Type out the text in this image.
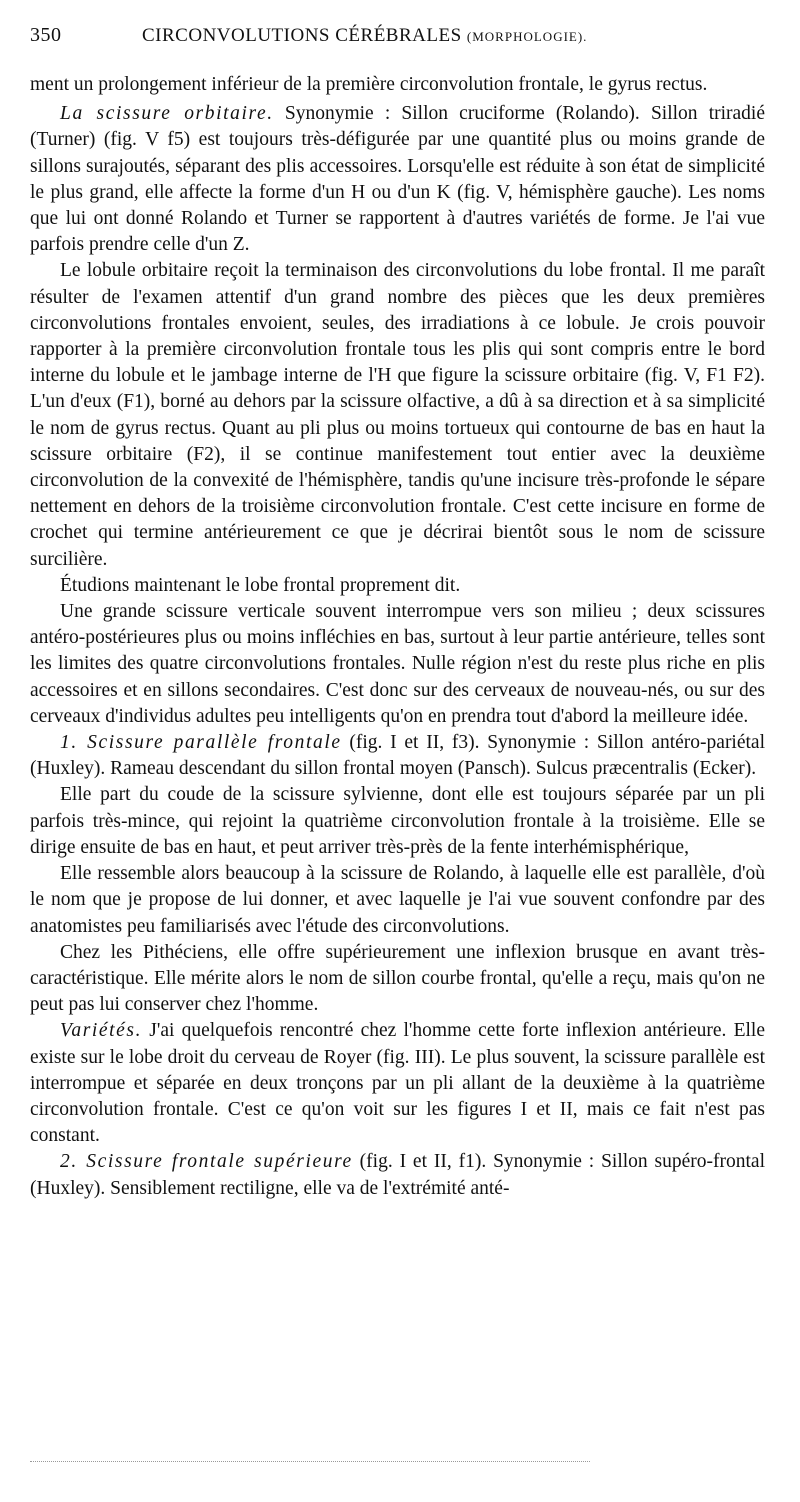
350	CIRCONVOLUTIONS CÉRÉBRALES (MORPHOLOGIE).

ment un prolongement inférieur de la première circonvolution frontale, le gyrus rectus.

La scissure orbitaire. Synonymie : Sillon cruciforme (Rolando). Sillon triradié (Turner) (fig. V f5) est toujours très-défigurée par une quantité plus ou moins grande de sillons surajoutés, séparant des plis accessoires. Lorsqu'elle est réduite à son état de simplicité le plus grand, elle affecte la forme d'un H ou d'un K (fig. V, hémisphère gauche). Les noms que lui ont donné Rolando et Turner se rapportent à d'autres variétés de forme. Je l'ai vue parfois prendre celle d'un Z.

Le lobule orbitaire reçoit la terminaison des circonvolutions du lobe frontal. Il me paraît résulter de l'examen attentif d'un grand nombre des pièces que les deux premières circonvolutions frontales envoient, seules, des irradiations à ce lobule. Je crois pouvoir rapporter à la première circonvolution frontale tous les plis qui sont compris entre le bord interne du lobule et le jambage interne de l'H que figure la scissure orbitaire (fig. V, F1 F2). L'un d'eux (F1), borné au dehors par la scissure olfactive, a dû à sa direction et à sa simplicité le nom de gyrus rectus. Quant au pli plus ou moins tortueux qui contourne de bas en haut la scissure orbitaire (F2), il se continue manifestement tout entier avec la deuxième circonvolution de la convexité de l'hémisphère, tandis qu'une incisure très-profonde le sépare nettement en dehors de la troisième circonvolution frontale. C'est cette incisure en forme de crochet qui termine antérieurement ce que je décrirai bientôt sous le nom de scissure surcilière.

Étudions maintenant le lobe frontal proprement dit.

Une grande scissure verticale souvent interrompue vers son milieu ; deux scissures antéro-postérieures plus ou moins infléchies en bas, surtout à leur partie antérieure, telles sont les limites des quatre circonvolutions frontales. Nulle région n'est du reste plus riche en plis accessoires et en sillons secondaires. C'est donc sur des cerveaux de nouveau-nés, ou sur des cerveaux d'individus adultes peu intelligents qu'on en prendra tout d'abord la meilleure idée.

1. Scissure parallèle frontale (fig. I et II, f3). Synonymie : Sillon antéro-pariétal (Huxley). Rameau descendant du sillon frontal moyen (Pansch). Sulcus præcentralis (Ecker).

Elle part du coude de la scissure sylvienne, dont elle est toujours séparée par un pli parfois très-mince, qui rejoint la quatrième circonvolution frontale à la troisième. Elle se dirige ensuite de bas en haut, et peut arriver très-près de la fente interhémisphérique,

Elle ressemble alors beaucoup à la scissure de Rolando, à laquelle elle est parallèle, d'où le nom que je propose de lui donner, et avec laquelle je l'ai vue souvent confondre par des anatomistes peu familiarisés avec l'étude des circonvolutions.

Chez les Pithéciens, elle offre supérieurement une inflexion brusque en avant très-caractéristique. Elle mérite alors le nom de sillon courbe frontal, qu'elle a reçu, mais qu'on ne peut pas lui conserver chez l'homme.

Variétés. J'ai quelquefois rencontré chez l'homme cette forte inflexion antérieure. Elle existe sur le lobe droit du cerveau de Royer (fig. III). Le plus souvent, la scissure parallèle est interrompue et séparée en deux tronçons par un pli allant de la deuxième à la quatrième circonvolution frontale. C'est ce qu'on voit sur les figures I et II, mais ce fait n'est pas constant.

2. Scissure frontale supérieure (fig. I et II, f1). Synonymie : Sillon supéro-frontal (Huxley). Sensiblement rectiligne, elle va de l'extrémité anté-
